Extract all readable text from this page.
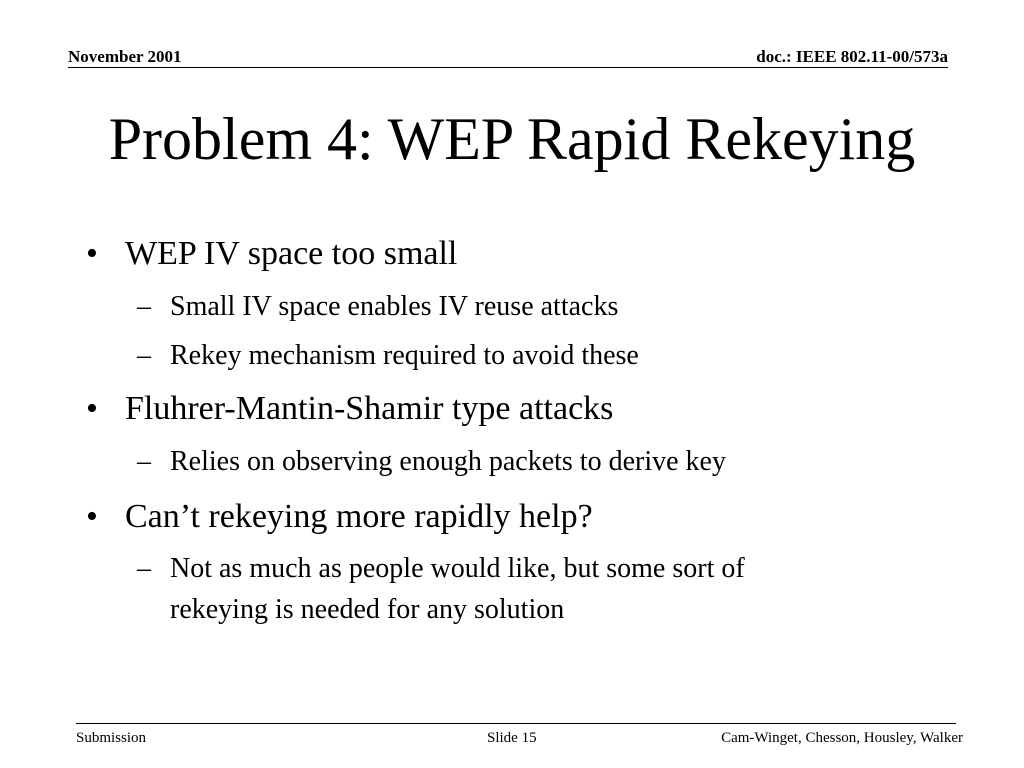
November 2001	doc.: IEEE 802.11-00/573a
Problem 4: WEP Rapid Rekeying
• WEP IV space too small
– Small IV space enables IV reuse attacks
– Rekey mechanism required to avoid these
• Fluhrer-Mantin-Shamir type attacks
– Relies on observing enough packets to derive key
• Can’t rekeying more rapidly help?
– Not as much as people would like, but some sort of
rekeying is needed for any solution
Submission	Slide 15	Cam-Winget, Chesson, Housley, Walker
